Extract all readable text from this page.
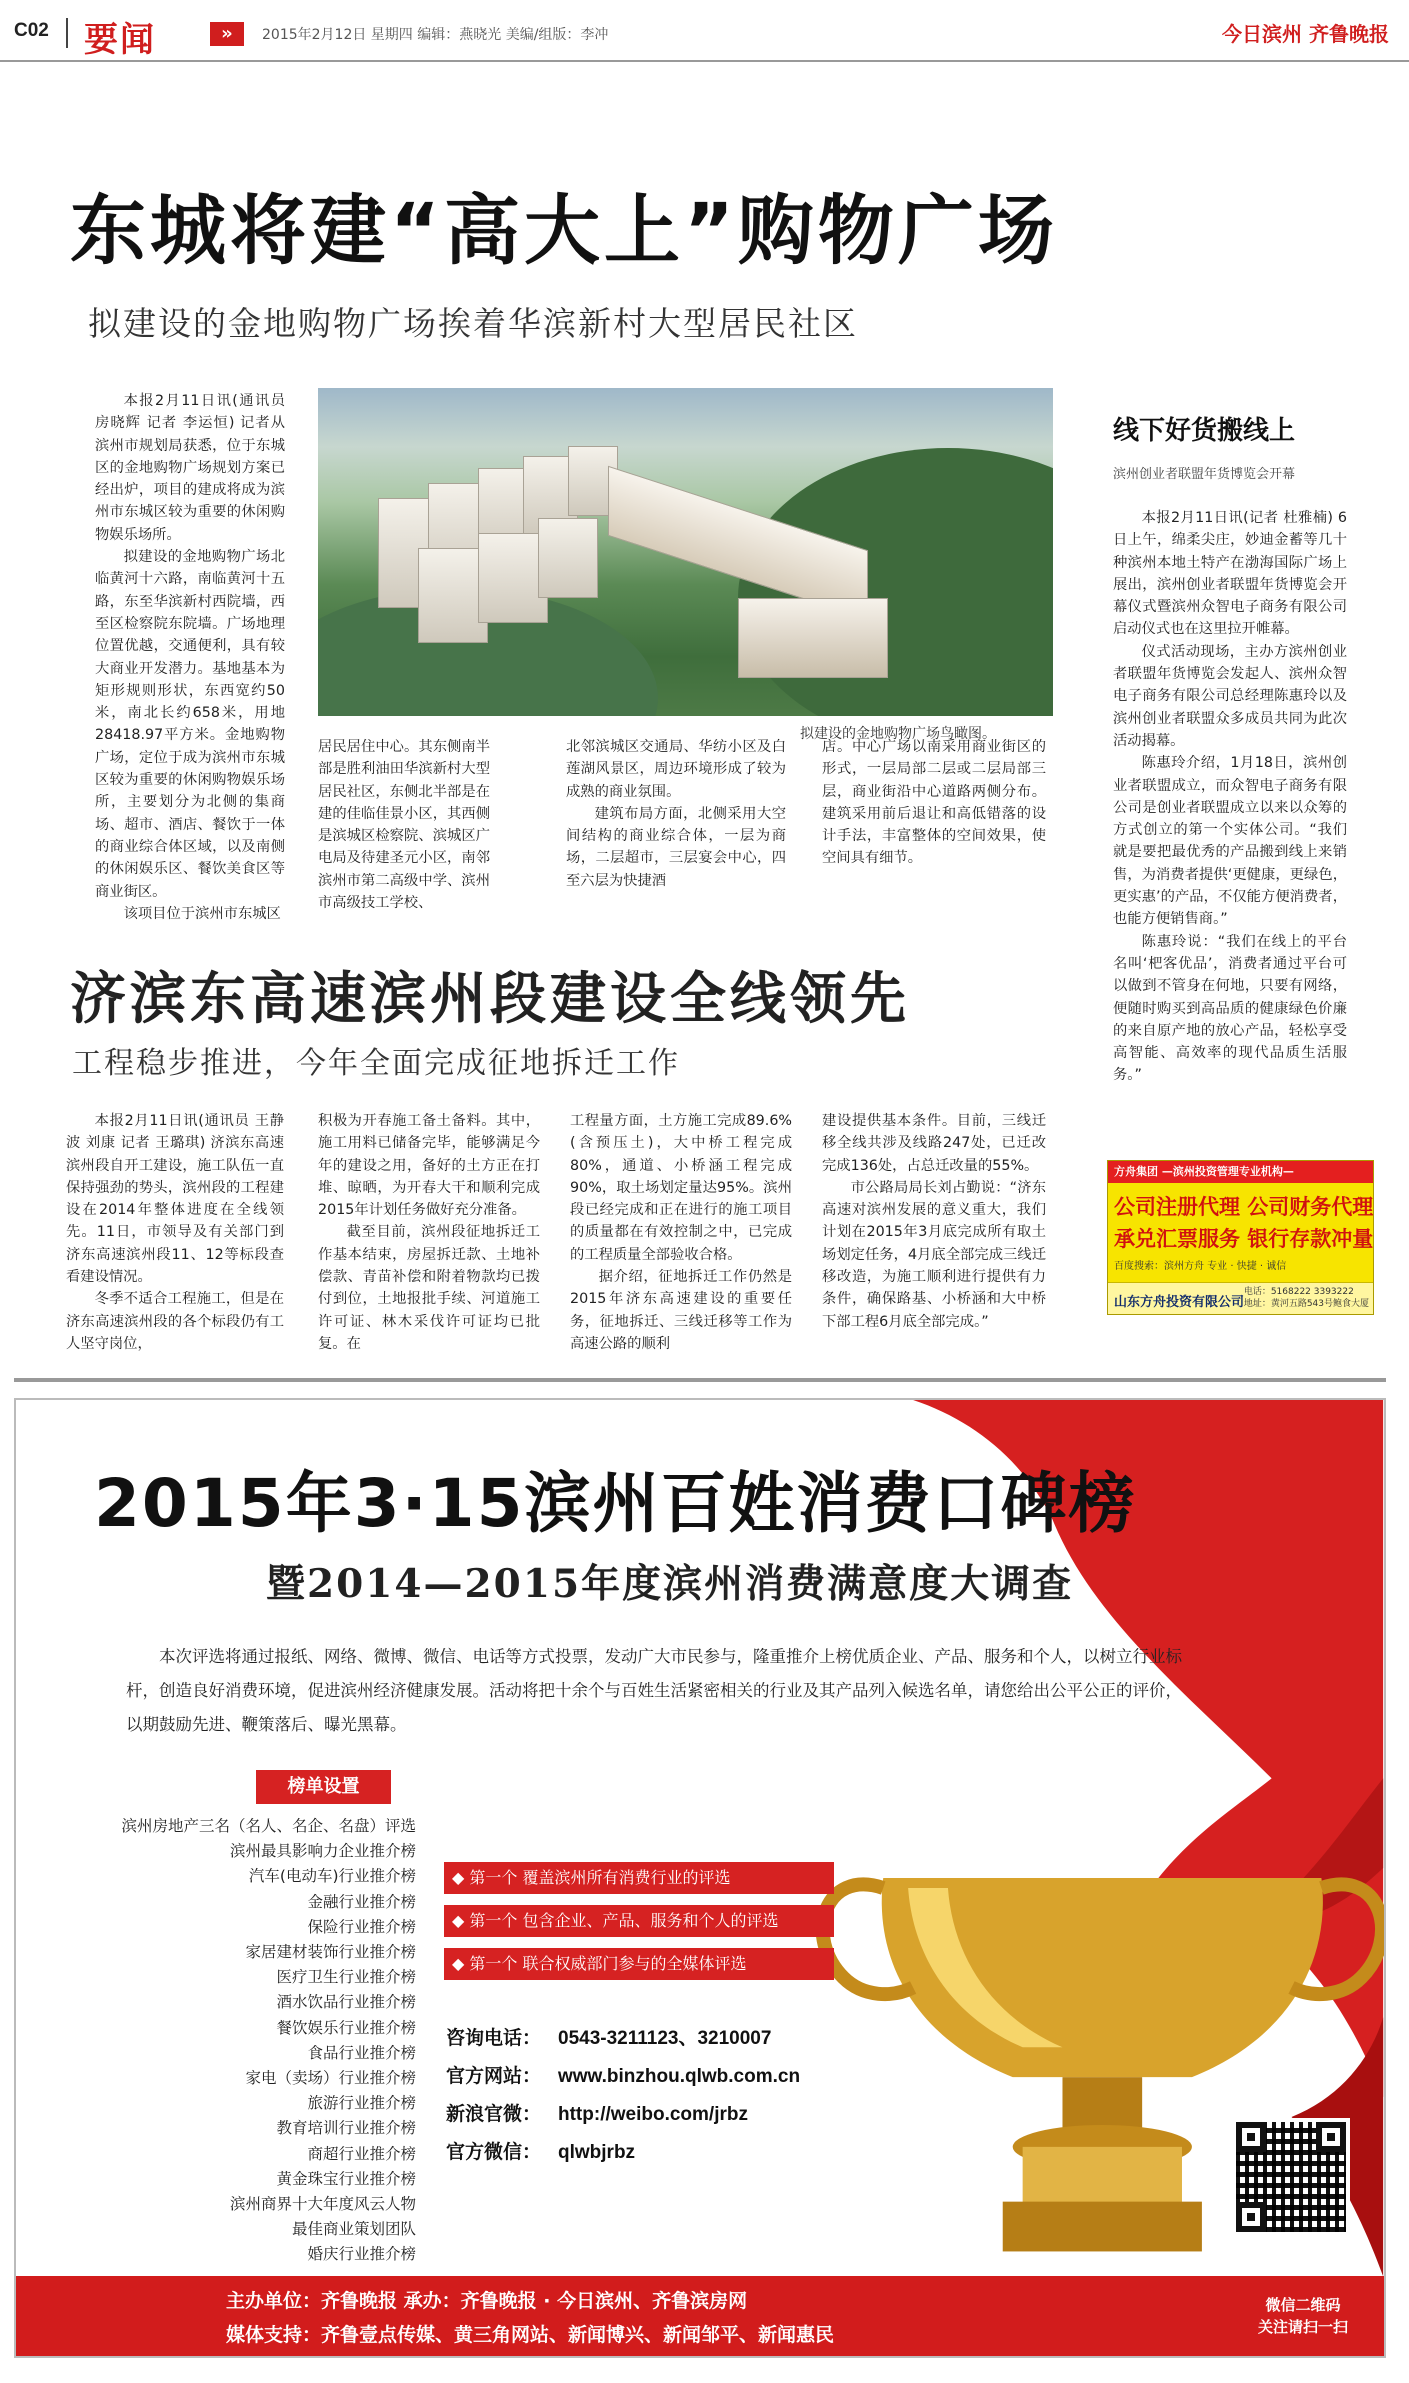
C02 要闻	»	2015年2月12日 星期四 编辑：燕晓光 美编/组版：李冲	今日滨州 齐鲁晚报
东城将建“高大上”购物广场
拟建设的金地购物广场挨着华滨新村大型居民社区

本报2月11日讯(通讯员 房晓辉 记者 李运恒) 记者从滨州市规划局获悉，位于东城区的金地购物广场规划方案已经出炉，项目的建成将成为滨州市东城区较为重要的休闲购物娱乐场所。

拟建设的金地购物广场北临黄河十六路，南临黄河十五路，东至华滨新村西院墙，西至区检察院东院墙。广场地理位置优越，交通便利，具有较大商业开发潜力。基地基本为矩形规则形状，东西宽约50米，南北长约658米，用地28418.97平方米。金地购物广场，定位于成为滨州市东城区较为重要的休闲购物娱乐场所，主要划分为北侧的集商场、超市、酒店、餐饮于一体的商业综合体区域，以及南侧的休闲娱乐区、餐饮美食区等商业街区。

该项目位于滨州市东城区

拟建设的金地购物广场鸟瞰图。

居民居住中心。其东侧南半部是胜利油田华滨新村大型居民社区，东侧北半部是在建的佳临佳景小区，其西侧是滨城区检察院、滨城区广电局及待建圣元小区，南邻滨州市第二高级中学、滨州市高级技工学校、

北邻滨城区交通局、华纺小区及白莲湖风景区，周边环境形成了较为成熟的商业氛围。

建筑布局方面，北侧采用大空间结构的商业综合体，一层为商场，二层超市，三层宴会中心，四至六层为快捷酒

店。中心广场以南采用商业街区的形式，一层局部二层或二层局部三层，商业街沿中心道路两侧分布。建筑采用前后退让和高低错落的设计手法，丰富整体的空间效果，使空间具有细节。

线下好货搬线上
滨州创业者联盟年货博览会开幕

本报2月11日讯(记者 杜雅楠) 6日上午，绵柔尖庄，妙迪金蓄等几十种滨州本地土特产在渤海国际广场上展出，滨州创业者联盟年货博览会开幕仪式暨滨州众智电子商务有限公司启动仪式也在这里拉开帷幕。

仪式活动现场，主办方滨州创业者联盟年货博览会发起人、滨州众智电子商务有限公司总经理陈惠玲以及滨州创业者联盟众多成员共同为此次活动揭幕。

陈惠玲介绍，1月18日，滨州创业者联盟成立，而众智电子商务有限公司是创业者联盟成立以来以众筹的方式创立的第一个实体公司。“我们就是要把最优秀的产品搬到线上来销售，为消费者提供‘更健康，更绿色，更实惠’的产品，不仅能方便消费者，也能方便销售商。”

陈惠玲说：“我们在线上的平台名叫‘杷客优品’，消费者通过平台可以做到不管身在何地，只要有网络，便随时购买到高品质的健康绿色价廉的来自原产地的放心产品，轻松享受高智能、高效率的现代品质生活服务。”

济滨东高速滨州段建设全线领先
工程稳步推进，今年全面完成征地拆迁工作

本报2月11日讯(通讯员 王静波 刘康 记者 王璐琪) 济滨东高速滨州段自开工建设，施工队伍一直保持强劲的势头，滨州段的工程建设在2014年整体进度在全线领先。11日，市领导及有关部门到济东高速滨州段11、12等标段查看建设情况。

冬季不适合工程施工，但是在济东高速滨州段的各个标段仍有工人坚守岗位，

积极为开春施工备土备料。其中，施工用料已储备完毕，能够满足今年的建设之用，备好的土方正在打堆、晾晒，为开春大干和顺利完成2015年计划任务做好充分准备。

截至目前，滨州段征地拆迁工作基本结束，房屋拆迁款、土地补偿款、青苗补偿和附着物款均已拨付到位，土地报批手续、河道施工许可证、林木采伐许可证均已批复。在

工程量方面，土方施工完成89.6%(含预压土)，大中桥工程完成80%，通道、小桥涵工程完成90%，取土场划定量达95%。滨州段已经完成和正在进行的施工项目的质量都在有效控制之中，已完成的工程质量全部验收合格。

据介绍，征地拆迁工作仍然是2015年济东高速建设的重要任务，征地拆迁、三线迁移等工作为高速公路的顺利

建设提供基本条件。目前，三线迁移全线共涉及线路247处，已迁改完成136处，占总迁改量的55%。

市公路局局长刘占勤说：“济东高速对滨州发展的意义重大，我们计划在2015年3月底完成所有取土场划定任务，4月底全部完成三线迁移改造，为施工顺利进行提供有力条件，确保路基、小桥涵和大中桥下部工程6月底全部完成。”

方舟集团 —滨州投资管理专业机构—
公司注册代理 公司财务代理
承兑汇票服务 银行存款冲量
百度搜索：滨州方舟 专业 · 快捷 · 诚信
山东方舟投资有限公司
电话：5168222 3393222
地址：黄河五路543号鲍食大厦
2015年3·15滨州百姓消费口碑榜
暨2014—2015年度滨州消费满意度大调查
本次评选将通过报纸、网络、微博、微信、电话等方式投票，发动广大市民参与，隆重推介上榜优质企业、产品、服务和个人，以树立行业标杆，创造良好消费环境，促进滨州经济健康发展。活动将把十余个与百姓生活紧密相关的行业及其产品列入候选名单，请您给出公平公正的评价，以期鼓励先进、鞭策落后、曝光黑幕。
榜单设置
滨州房地产三名（名人、名企、名盘）评选
滨州最具影响力企业推介榜
汽车(电动车)行业推介榜
金融行业推介榜
保险行业推介榜
家居建材装饰行业推介榜
医疗卫生行业推介榜
酒水饮品行业推介榜
餐饮娱乐行业推介榜
食品行业推介榜
家电（卖场）行业推介榜
旅游行业推介榜
教育培训行业推介榜
商超行业推介榜
黄金珠宝行业推介榜
滨州商界十大年度风云人物
最佳商业策划团队
婚庆行业推介榜
◆ 第一个 覆盖滨州所有消费行业的评选
◆ 第一个 包含企业、产品、服务和个人的评选
◆ 第一个 联合权威部门参与的全媒体评选
咨询电话： 0543-3211123、3210007
官方网站： www.binzhou.qlwb.com.cn
新浪官微： http://weibo.com/jrbz
官方微信： qlwbjrbz
主办单位：齐鲁晚报 承办：齐鲁晚报 · 今日滨州、齐鲁滨房网
媒体支持：齐鲁壹点传媒、黄三角网站、新闻博兴、新闻邹平、新闻惠民
微信二维码
关注请扫一扫
